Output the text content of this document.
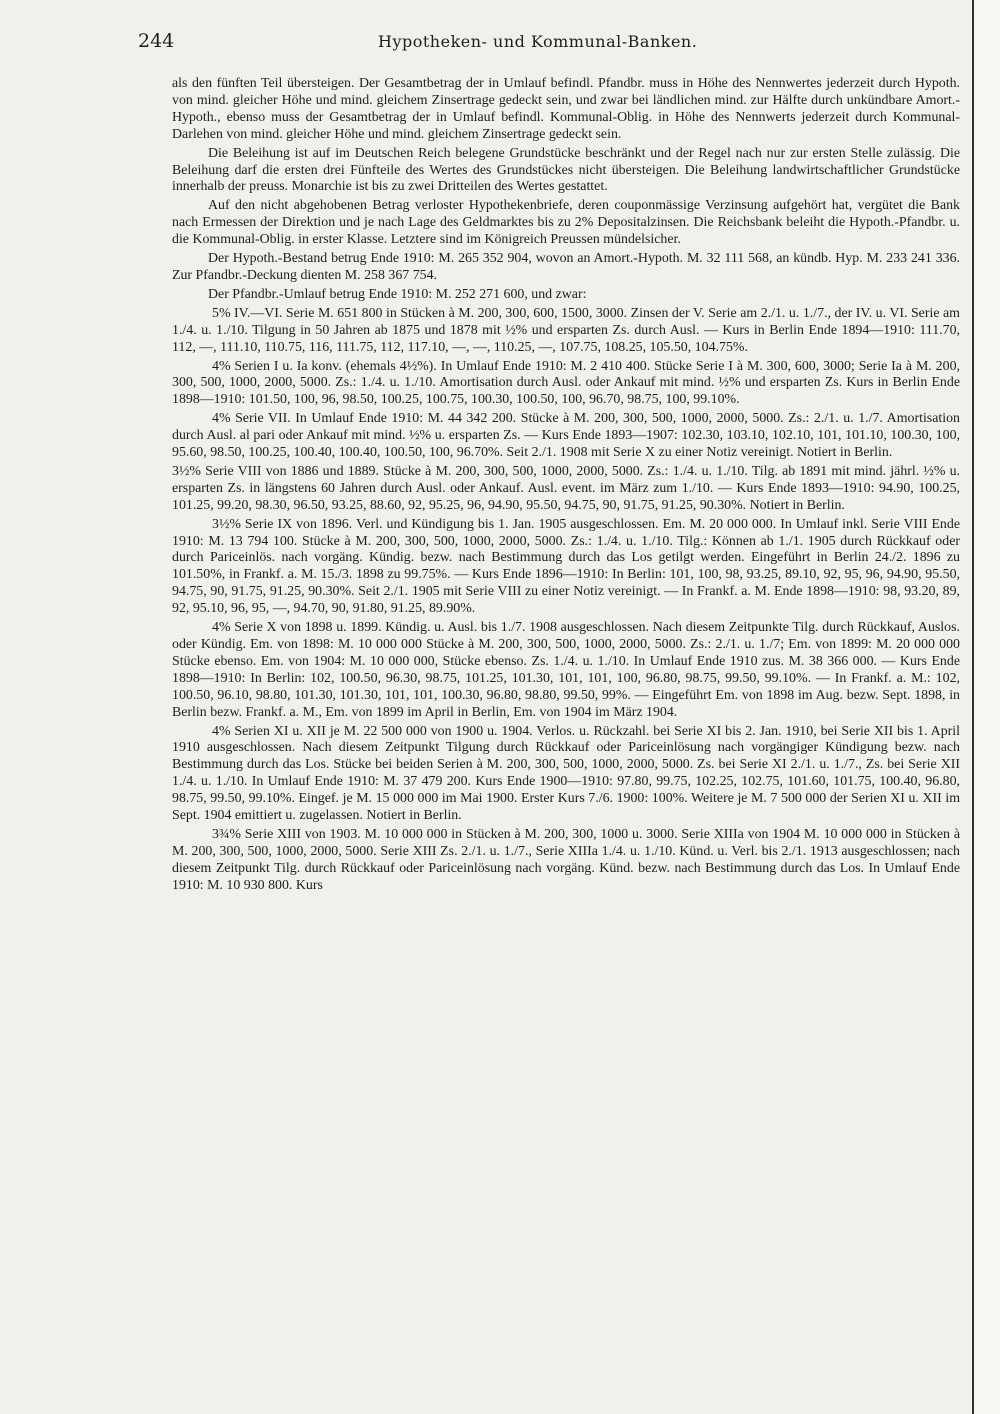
244	Hypotheken- und Kommunal-Banken.

als den fünften Teil übersteigen. Der Gesamtbetrag der in Umlauf befindl. Pfandbr. muss in Höhe des Nennwertes jederzeit durch Hypoth. von mind. gleicher Höhe und mind. gleichem Zinsertrage gedeckt sein, und zwar bei ländlichen mind. zur Hälfte durch unkündbare Amort.-Hypoth., ebenso muss der Gesamtbetrag der in Umlauf befindl. Kommunal-Oblig. in Höhe des Nennwerts jederzeit durch Kommunal-Darlehen von mind. gleicher Höhe und mind. gleichem Zinsertrage gedeckt sein.

Die Beleihung ist auf im Deutschen Reich belegene Grundstücke beschränkt und der Regel nach nur zur ersten Stelle zulässig. Die Beleihung darf die ersten drei Fünfteile des Wertes des Grundstückes nicht übersteigen. Die Beleihung landwirtschaftlicher Grundstücke innerhalb der preuss. Monarchie ist bis zu zwei Dritteilen des Wertes gestattet.

Auf den nicht abgehobenen Betrag verloster Hypothekenbriefe, deren couponmässige Verzinsung aufgehört hat, vergütet die Bank nach Ermessen der Direktion und je nach Lage des Geldmarktes bis zu 2% Depositalzinsen. Die Reichsbank beleiht die Hypoth.-Pfandbr. u. die Kommunal-Oblig. in erster Klasse. Letztere sind im Königreich Preussen mündelsicher.

Der Hypoth.-Bestand betrug Ende 1910: M. 265 352 904, wovon an Amort.-Hypoth. M. 32 111 568, an kündb. Hyp. M. 233 241 336. Zur Pfandbr.-Deckung dienten M. 258 367 754.

Der Pfandbr.-Umlauf betrug Ende 1910: M. 252 271 600, und zwar:

5% IV.—VI. Serie M. 651 800 in Stücken à M. 200, 300, 600, 1500, 3000. Zinsen der V. Serie am 2./1. u. 1./7., der IV. u. VI. Serie am 1./4. u. 1./10. Tilgung in 50 Jahren ab 1875 und 1878 mit ½% und ersparten Zs. durch Ausl. — Kurs in Berlin Ende 1894—1910: 111.70, 112, —, 111.10, 110.75, 116, 111.75, 112, 117.10, —, —, 110.25, —, 107.75, 108.25, 105.50, 104.75%.

4% Serien I u. Ia konv. (ehemals 4½%). In Umlauf Ende 1910: M. 2 410 400. Stücke Serie I à M. 300, 600, 3000; Serie Ia à M. 200, 300, 500, 1000, 2000, 5000. Zs.: 1./4. u. 1./10. Amortisation durch Ausl. oder Ankauf mit mind. ½% und ersparten Zs. Kurs in Berlin Ende 1898—1910: 101.50, 100, 96, 98.50, 100.25, 100.75, 100.30, 100.50, 100, 96.70, 98.75, 100, 99.10%.

4% Serie VII. In Umlauf Ende 1910: M. 44 342 200. Stücke à M. 200, 300, 500, 1000, 2000, 5000. Zs.: 2./1. u. 1./7. Amortisation durch Ausl. al pari oder Ankauf mit mind. ½% u. ersparten Zs. — Kurs Ende 1893—1907: 102.30, 103.10, 102.10, 101, 101.10, 100.30, 100, 95.60, 98.50, 100.25, 100.40, 100.40, 100.50, 100, 96.70%. Seit 2./1. 1908 mit Serie X zu einer Notiz vereinigt. Notiert in Berlin.

3½% Serie VIII von 1886 und 1889. Stücke à M. 200, 300, 500, 1000, 2000, 5000. Zs.: 1./4. u. 1./10. Tilg. ab 1891 mit mind. jährl. ½% u. ersparten Zs. in längstens 60 Jahren durch Ausl. oder Ankauf. Ausl. event. im März zum 1./10. — Kurs Ende 1893—1910: 94.90, 100.25, 101.25, 99.20, 98.30, 96.50, 93.25, 88.60, 92, 95.25, 96, 94.90, 95.50, 94.75, 90, 91.75, 91.25, 90.30%. Notiert in Berlin.

3½% Serie IX von 1896. Verl. und Kündigung bis 1. Jan. 1905 ausgeschlossen. Em. M. 20 000 000. In Umlauf inkl. Serie VIII Ende 1910: M. 13 794 100. Stücke à M. 200, 300, 500, 1000, 2000, 5000. Zs.: 1./4. u. 1./10. Tilg.: Können ab 1./1. 1905 durch Rückkauf oder durch Pariceinlös. nach vorgäng. Kündig. bezw. nach Bestimmung durch das Los getilgt werden. Eingeführt in Berlin 24./2. 1896 zu 101.50%, in Frankf. a. M. 15./3. 1898 zu 99.75%. — Kurs Ende 1896—1910: In Berlin: 101, 100, 98, 93.25, 89.10, 92, 95, 96, 94.90, 95.50, 94.75, 90, 91.75, 91.25, 90.30%. Seit 2./1. 1905 mit Serie VIII zu einer Notiz vereinigt. — In Frankf. a. M. Ende 1898—1910: 98, 93.20, 89, 92, 95.10, 96, 95, —, 94.70, 90, 91.80, 91.25, 89.90%.

4% Serie X von 1898 u. 1899. Kündig. u. Ausl. bis 1./7. 1908 ausgeschlossen. Nach diesem Zeitpunkte Tilg. durch Rückkauf, Auslos. oder Kündig. Em. von 1898: M. 10 000 000 Stücke à M. 200, 300, 500, 1000, 2000, 5000. Zs.: 2./1. u. 1./7; Em. von 1899: M. 20 000 000 Stücke ebenso. Em. von 1904: M. 10 000 000, Stücke ebenso. Zs. 1./4. u. 1./10. In Umlauf Ende 1910 zus. M. 38 366 000. — Kurs Ende 1898—1910: In Berlin: 102, 100.50, 96.30, 98.75, 101.25, 101.30, 101, 101, 100, 96.80, 98.75, 99.50, 99.10%. — In Frankf. a. M.: 102, 100.50, 96.10, 98.80, 101.30, 101.30, 101, 101, 100.30, 96.80, 98.80, 99.50, 99%. — Eingeführt Em. von 1898 im Aug. bezw. Sept. 1898, in Berlin bezw. Frankf. a. M., Em. von 1899 im April in Berlin, Em. von 1904 im März 1904.

4% Serien XI u. XII je M. 22 500 000 von 1900 u. 1904. Verlos. u. Rückzahl. bei Serie XI bis 2. Jan. 1910, bei Serie XII bis 1. April 1910 ausgeschlossen. Nach diesem Zeitpunkt Tilgung durch Rückkauf oder Pariceinlösung nach vorgängiger Kündigung bezw. nach Bestimmung durch das Los. Stücke bei beiden Serien à M. 200, 300, 500, 1000, 2000, 5000. Zs. bei Serie XI 2./1. u. 1./7., Zs. bei Serie XII 1./4. u. 1./10. In Umlauf Ende 1910: M. 37 479 200. Kurs Ende 1900—1910: 97.80, 99.75, 102.25, 102.75, 101.60, 101.75, 100.40, 96.80, 98.75, 99.50, 99.10%. Eingef. je M. 15 000 000 im Mai 1900. Erster Kurs 7./6. 1900: 100%. Weitere je M. 7 500 000 der Serien XI u. XII im Sept. 1904 emittiert u. zugelassen. Notiert in Berlin.

3¾% Serie XIII von 1903. M. 10 000 000 in Stücken à M. 200, 300, 1000 u. 3000. Serie XIIIa von 1904 M. 10 000 000 in Stücken à M. 200, 300, 500, 1000, 2000, 5000. Serie XIII Zs. 2./1. u. 1./7., Serie XIIIa 1./4. u. 1./10. Künd. u. Verl. bis 2./1. 1913 ausgeschlossen; nach diesem Zeitpunkt Tilg. durch Rückkauf oder Pariceinlösung nach vorgäng. Künd. bezw. nach Bestimmung durch das Los. In Umlauf Ende 1910: M. 10 930 800. Kurs
